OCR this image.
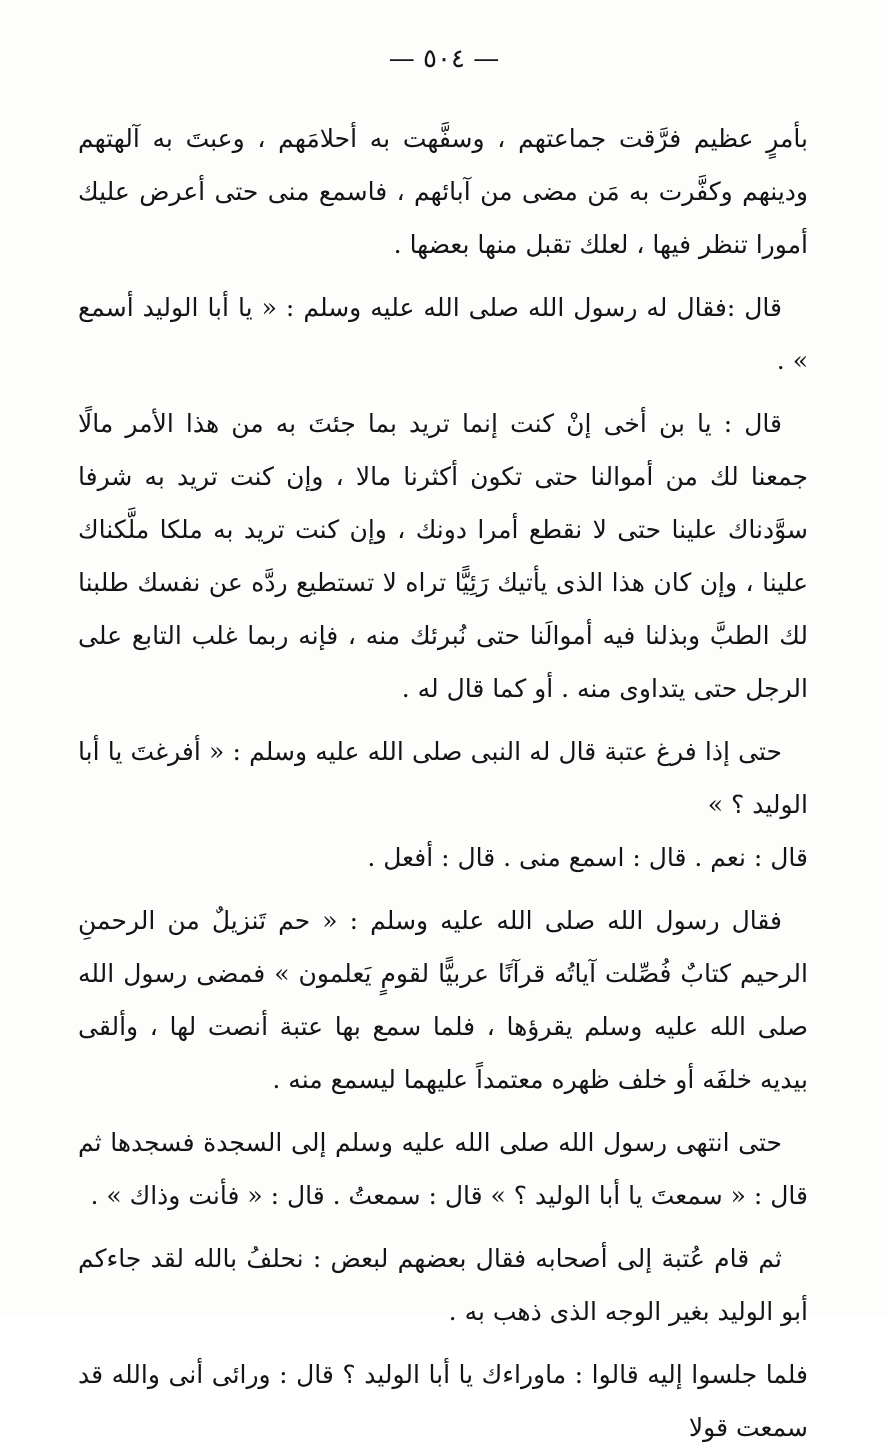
— ٥٠٤ —

بأمرٍ عظيم فرَّقت جماعتهم ، وسفَّهت به أحلامَهم ، وعبتَ به آلهتهم ودينهم وكفَّرت به مَن مضى من آبائهم ، فاسمع منى حتى أعرض عليك أمورا تنظر فيها ، لعلك تقبل منها بعضها .

قال :فقال له رسول الله صلى الله عليه وسلم : « يا أبا الوليد أسمع » .

قال : يا بن أخى إنْ كنت إنما تريد بما جئتَ به من هذا الأمر مالًا جمعنا لك من أموالنا حتى تكون أكثرنا مالا ، وإن كنت تريد به شرفا سوَّدناك علينا حتى لا نقطع أمرا دونك ، وإن كنت تريد به ملكا ملَّكناك علينا ، وإن كان هذا الذى يأتيك رَئِيًّا تراه لا تستطيع ردَّه عن نفسك طلبنا لك الطبَّ وبذلنا فيه أموالَنا حتى نُبرئك منه ، فإنه ربما غلب التابع على الرجل حتى يتداوى منه . أو كما قال له .

حتى إذا فرغ عتبة قال له النبى صلى الله عليه وسلم : « أفرغتَ يا أبا الوليد ؟ »

قال : نعم . قال : اسمع منى . قال : أفعل .

فقال رسول الله صلى الله عليه وسلم : « حم تَنزيلٌ من الرحمنِ الرحيم كتابٌ فُصِّلت آياتُه قرآنًا عربيًّا لقومٍ يَعلمون » فمضى رسول الله صلى الله عليه وسلم يقرؤها ، فلما سمع بها عتبة أنصت لها ، وألقى بيديه خلفَه أو خلف ظهره معتمداً عليهما ليسمع منه .

حتى انتهى رسول الله صلى الله عليه وسلم إلى السجدة فسجدها ثم قال : « سمعتَ يا أبا الوليد ؟ » قال : سمعتُ . قال : « فأنت وذاك » .

ثم قام عُتبة إلى أصحابه فقال بعضهم لبعض : نحلفُ بالله لقد جاءكم أبو الوليد بغير الوجه الذى ذهب به .

فلما جلسوا إليه قالوا : ماوراءك يا أبا الوليد ؟ قال : ورائى أنى والله قد سمعت قولا
